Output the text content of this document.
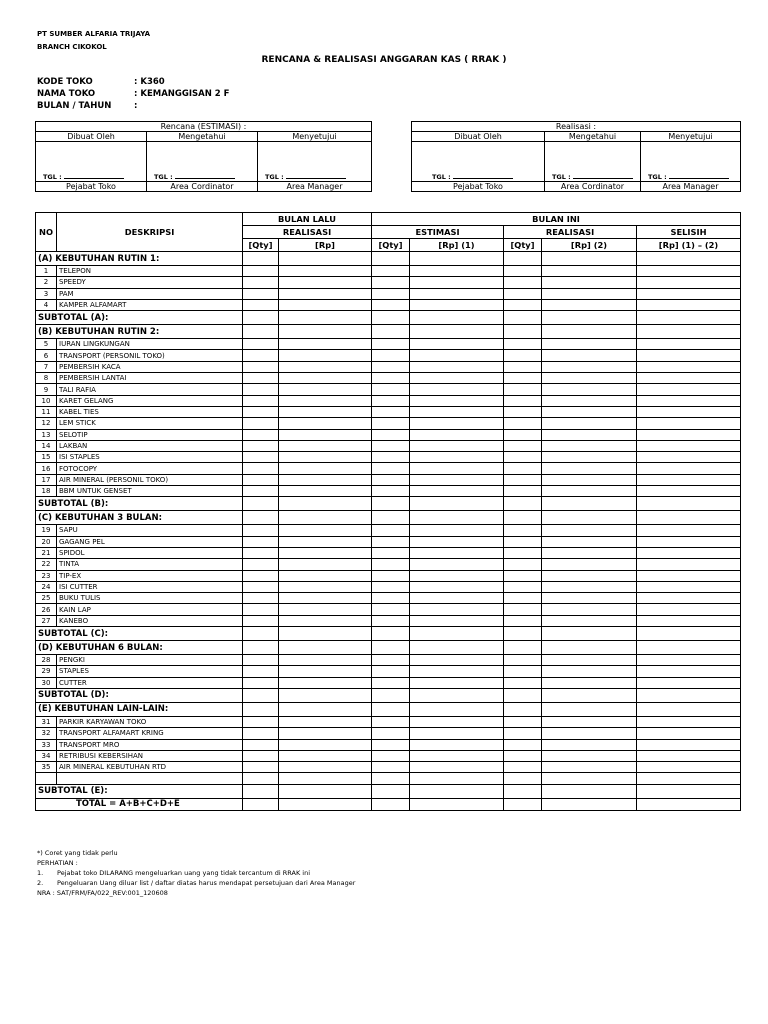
PT SUMBER ALFARIA TRIJAYA
BRANCH CIKOKOL
RENCANA & REALISASI ANGGARAN KAS ( RRAK )
KODE TOKO	: K360
NAMA TOKO	: KEMANGGISAN 2 F
BULAN / TAHUN	:
Rencana (ESTIMASI) :		
Dibuat Oleh	Mengetahui	Menyetujui
TGL :	TGL :	TGL :
Pejabat Toko	Area Cordinator	Area Manager
Realisasi :		
Dibuat Oleh	Mengetahui	Menyetujui
TGL :	TGL :	TGL :
Pejabat Toko	Area Cordinator	Area Manager
NO	DESKRIPSI	BULAN LALU		BULAN INI				
		REALISASI		ESTIMASI		REALISASI		SELISIH
		[Qty]	[Rp]	[Qty]	[Rp] (1)	[Qty]	[Rp] (2)	[Rp] (1) – (2)
(A) KEBUTUHAN RUTIN 1:								
1	TELEPON							
2	SPEEDY							
3	PAM							
4	KAMPER ALFAMART							
SUBTOTAL (A):								
(B) KEBUTUHAN RUTIN 2:								
5	IURAN LINGKUNGAN							
6	TRANSPORT (PERSONIL TOKO)							
7	PEMBERSIH KACA							
8	PEMBERSIH LANTAI							
9	TALI RAFIA							
10	KARET GELANG							
11	KABEL TIES							
12	LEM STICK							
13	SELOTIP							
14	LAKBAN							
15	ISI STAPLES							
16	FOTOCOPY							
17	AIR MINERAL (PERSONIL TOKO)							
18	BBM UNTUK GENSET							
SUBTOTAL (B):								
(C) KEBUTUHAN 3 BULAN:								
19	SAPU							
20	GAGANG PEL							
21	SPIDOL							
22	TINTA							
23	TIP-EX							
24	ISI CUTTER							
25	BUKU TULIS							
26	KAIN LAP							
27	KANEBO							
SUBTOTAL (C):								
(D) KEBUTUHAN 6 BULAN:								
28	PENGKI							
29	STAPLES							
30	CUTTER							
SUBTOTAL (D):								
(E) KEBUTUHAN LAIN-LAIN:								
31	PARKIR KARYAWAN TOKO							
32	TRANSPORT ALFAMART KRING							
33	TRANSPORT MRO							
34	RETRIBUSI KEBERSIHAN							
35	AIR MINERAL KEBUTUHAN RTD							

SUBTOTAL (E):								
TOTAL = A+B+C+D+E								
*) Coret yang tidak perlu
PERHATIAN :
1. Pejabat toko DILARANG mengeluarkan uang yang tidak tercantum di RRAK ini
2. Pengeluaran Uang diluar list / daftar diatas harus mendapat persetujuan dari Area Manager
NRA : SAT/FRM/FA/022_REV:001_120608
